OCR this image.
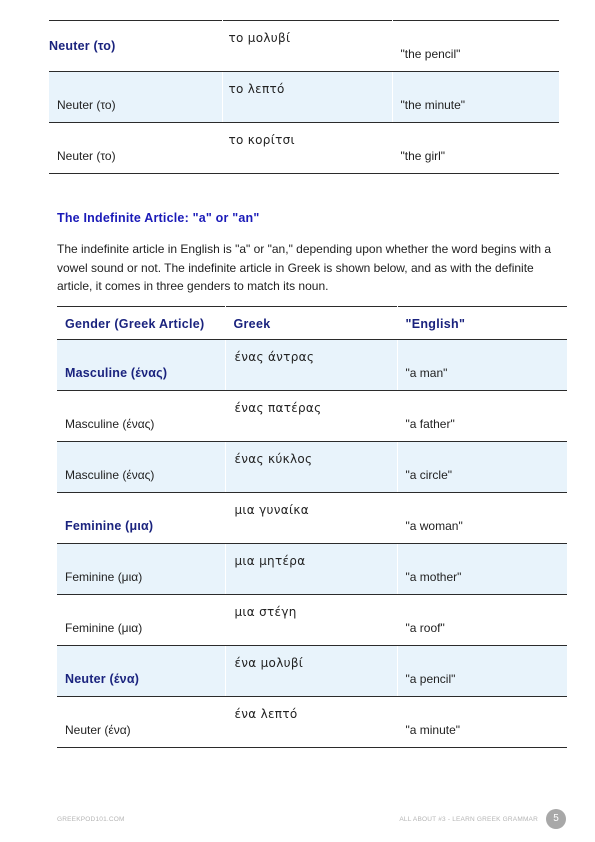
Neuter (το)	το μολυβί	"the pencil"

Neuter (το)	το λεπτό	"the minute"

Neuter (το)	το κορίτσι	"the girl"
The Indefinite Article: "a" or "an"

The indefinite article in English is "a" or "an," depending upon whether the word begins with a vowel sound or not. The indefinite article in Greek is shown below, and as with the definite article, it comes in three genders to match its noun.

Gender (Greek Article)	Greek	"English"

Masculine (ένας)	ένας άντρας	"a man"

Masculine (ένας)	ένας πατέρας	"a father"

Masculine (ένας)	ένας κύκλος	"a circle"

Feminine (μια)	μια γυναίκα	"a woman"

Feminine (μια)	μια μητέρα	"a mother"

Feminine (μια)	μια στέγη	"a roof"

Neuter (ένα)	ένα μολυβί	"a pencil"

Neuter (ένα)	ένα λεπτό	"a minute"
GREEKPOD101.COM	ALL ABOUT #3 - LEARN GREEK GRAMMAR	5
